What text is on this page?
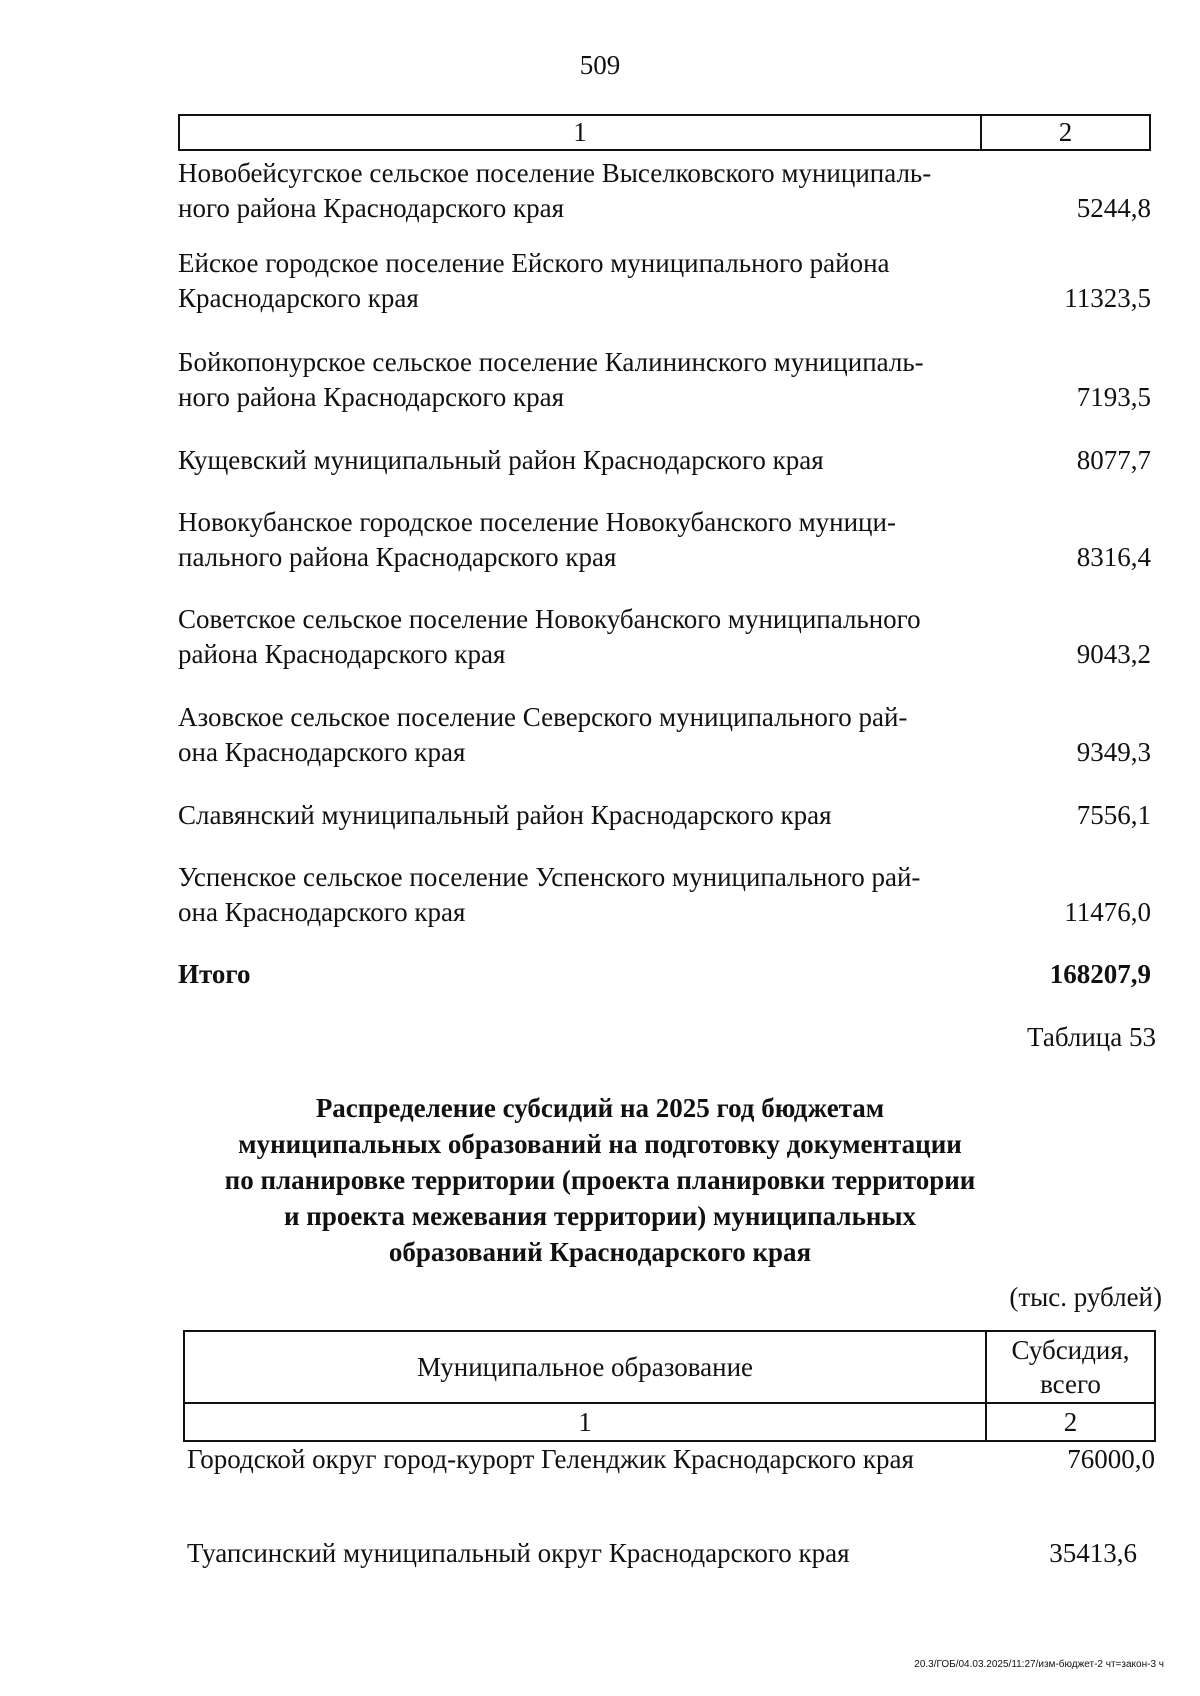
509
1	2
Новобейсугское сельское поселение Выселковского муниципаль-
ного района Краснодарского края	5244,8
Ейское городское поселение Ейского муниципального района
Краснодарского края	11323,5
Бойкопонурское сельское поселение Калининского муниципаль-
ного района Краснодарского края	7193,5
Кущевский муниципальный район Краснодарского края	8077,7
Новокубанское городское поселение Новокубанского муници-
пального района Краснодарского края	8316,4
Советское сельское поселение Новокубанского муниципального
района Краснодарского края	9043,2
Азовское сельское поселение Северского муниципального рай-
она Краснодарского края	9349,3
Славянский муниципальный район Краснодарского края	7556,1
Успенское сельское поселение Успенского муниципального рай-
она Краснодарского края	11476,0
Итого	168207,9
Таблица 53
Распределение субсидий на 2025 год бюджетам
муниципальных образований на подготовку документации
по планировке территории (проекта планировки территории
и проекта межевания территории) муниципальных
образований Краснодарского края
(тыс. рублей)
Муниципальное образование	Субсидия,
всего
1	2
Городской округ город-курорт Геленджик Краснодарского края	76000,0
Туапсинский муниципальный округ Краснодарского края	35413,6
20.3/ГОБ/04.03.2025/11:27/изм-бюджет-2 чт=закон-3 ч
